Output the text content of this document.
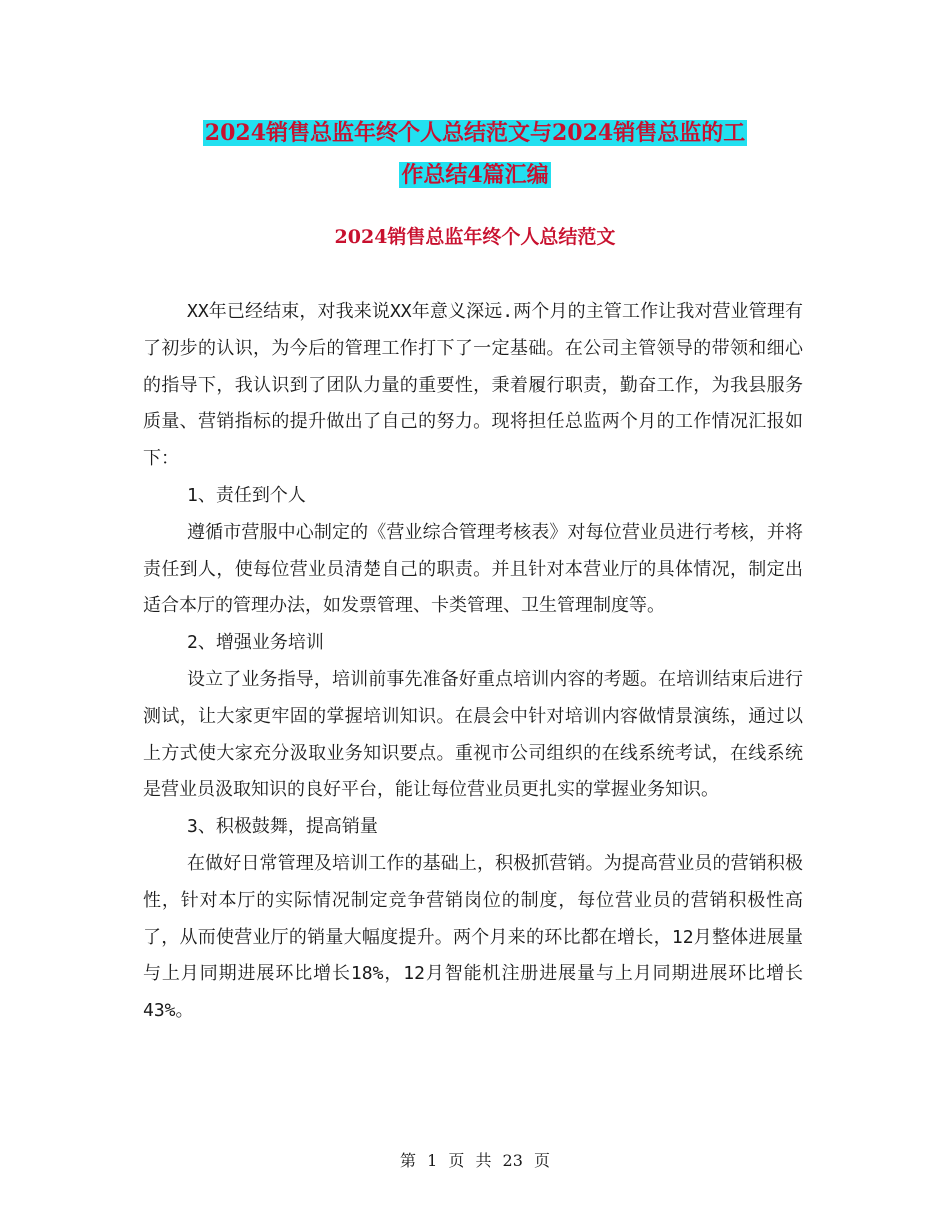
2024销售总监年终个人总结范文与2024销售总监的工
作总结4篇汇编
2024销售总监年终个人总结范文

XX年已经结束，对我来说XX年意义深远.两个月的主管工作让我对营业管理有了初步的认识，为今后的管理工作打下了一定基础。在公司主管领导的带领和细心的指导下，我认识到了团队力量的重要性，秉着履行职责，勤奋工作，为我县服务质量、营销指标的提升做出了自己的努力。现将担任总监两个月的工作情况汇报如下：

1、责任到个人

遵循市营服中心制定的《营业综合管理考核表》对每位营业员进行考核，并将责任到人，使每位营业员清楚自己的职责。并且针对本营业厅的具体情况，制定出适合本厅的管理办法，如发票管理、卡类管理、卫生管理制度等。

2、增强业务培训

设立了业务指导，培训前事先准备好重点培训内容的考题。在培训结束后进行测试，让大家更牢固的掌握培训知识。在晨会中针对培训内容做情景演练，通过以上方式使大家充分汲取业务知识要点。重视市公司组织的在线系统考试，在线系统是营业员汲取知识的良好平台，能让每位营业员更扎实的掌握业务知识。

3、积极鼓舞，提高销量

在做好日常管理及培训工作的基础上，积极抓营销。为提高营业员的营销积极性，针对本厅的实际情况制定竞争营销岗位的制度，每位营业员的营销积极性高了，从而使营业厅的销量大幅度提升。两个月来的环比都在增长，12月整体进展量与上月同期进展环比增长18%，12月智能机注册进展量与上月同期进展环比增长43%。

第 1 页 共 23 页
